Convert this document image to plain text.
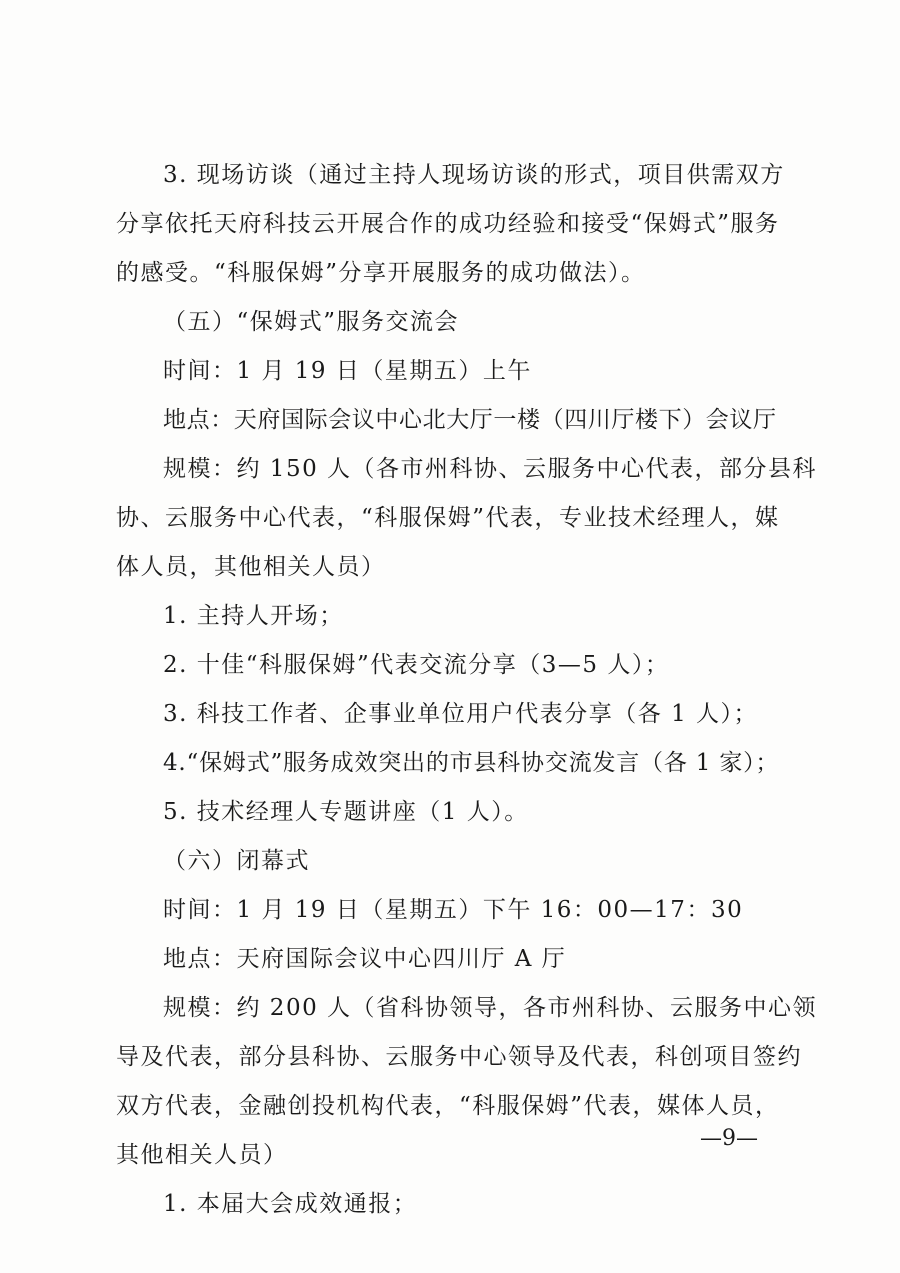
3. 现场访谈（通过主持人现场访谈的形式，项目供需双方
分享依托天府科技云开展合作的成功经验和接受“保姆式”服务
的感受。“科服保姆”分享开展服务的成功做法）。
（五）“保姆式”服务交流会
时间：1 月 19 日（星期五）上午
地点：天府国际会议中心北大厅一楼（四川厅楼下）会议厅
规模：约 150 人（各市州科协、云服务中心代表，部分县科
协、云服务中心代表，“科服保姆”代表，专业技术经理人，媒
体人员，其他相关人员）
1. 主持人开场；
2. 十佳“科服保姆”代表交流分享（3—5 人）；
3. 科技工作者、企事业单位用户代表分享（各 1 人）；
4.“保姆式”服务成效突出的市县科协交流发言（各 1 家）；
5. 技术经理人专题讲座（1 人）。
（六）闭幕式
时间：1 月 19 日（星期五）下午 16：00—17：30
地点：天府国际会议中心四川厅 A 厅
规模：约 200 人（省科协领导，各市州科协、云服务中心领
导及代表，部分县科协、云服务中心领导及代表，科创项目签约
双方代表，金融创投机构代表，“科服保姆”代表，媒体人员，
其他相关人员）
1. 本届大会成效通报；
—9—
